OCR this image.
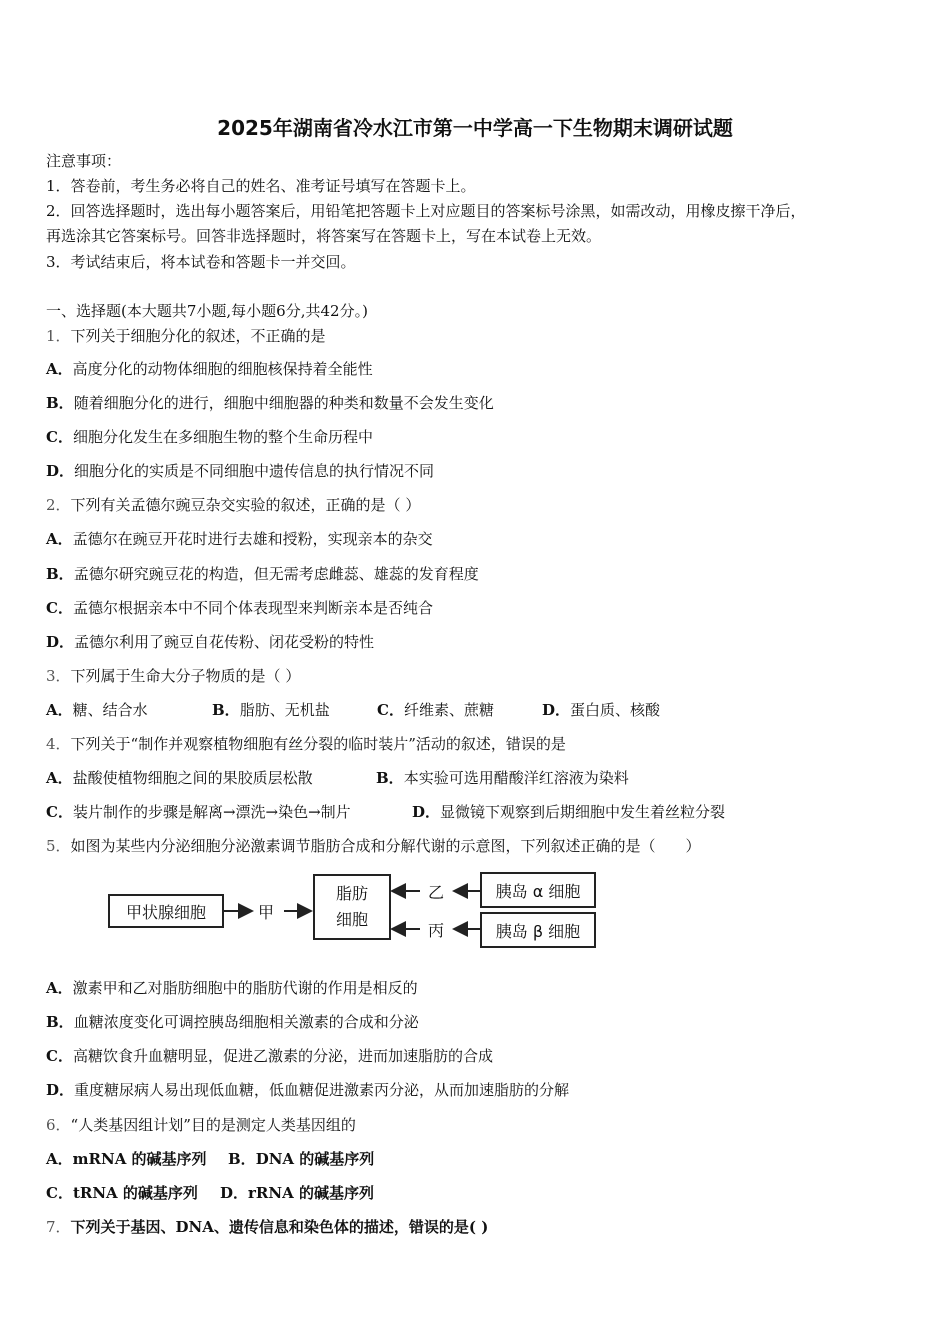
2025年湖南省冷水江市第一中学高一下生物期末调研试题
注意事项：
1．答卷前，考生务必将自己的姓名、准考证号填写在答题卡上。
2．回答选择题时，选出每小题答案后，用铅笔把答题卡上对应题目的答案标号涂黑，如需改动，用橡皮擦干净后，
再选涂其它答案标号。回答非选择题时，将答案写在答题卡上，写在本试卷上无效。
3．考试结束后，将本试卷和答题卡一并交回。
一、选择题(本大题共7小题,每小题6分,共42分。)
1．下列关于细胞分化的叙述，不正确的是
A．高度分化的动物体细胞的细胞核保持着全能性
B．随着细胞分化的进行，细胞中细胞器的种类和数量不会发生变化
C．细胞分化发生在多细胞生物的整个生命历程中
D．细胞分化的实质是不同细胞中遗传信息的执行情况不同
2．下列有关孟德尔豌豆杂交实验的叙述，正确的是（ ）
A．孟德尔在豌豆开花时进行去雄和授粉，实现亲本的杂交
B．孟德尔研究豌豆花的构造，但无需考虑雌蕊、雄蕊的发育程度
C．孟德尔根据亲本中不同个体表现型来判断亲本是否纯合
D．孟德尔利用了豌豆自花传粉、闭花受粉的特性
3．下列属于生命大分子物质的是（ ）
A．糖、结合水	B．脂肪、无机盐	C．纤维素、蔗糖	D．蛋白质、核酸
4．下列关于“制作并观察植物细胞有丝分裂的临时装片”活动的叙述，错误的是
A．盐酸使植物细胞之间的果胶质层松散	B．本实验可选用醋酸洋红溶液为染料
C．装片制作的步骤是解离→漂洗→染色→制片	D．显微镜下观察到后期细胞中发生着丝粒分裂
5．如图为某些内分泌细胞分泌激素调节脂肪合成和分解代谢的示意图，下列叙述正确的是（　　）
甲状腺细胞	甲
脂肪
细胞
乙
丙
胰岛 α 细胞
胰岛 β 细胞
A．激素甲和乙对脂肪细胞中的脂肪代谢的作用是相反的
B．血糖浓度变化可调控胰岛细胞相关激素的合成和分泌
C．高糖饮食升血糖明显，促进乙激素的分泌，进而加速脂肪的合成
D．重度糖尿病人易出现低血糖，低血糖促进激素丙分泌，从而加速脂肪的分解
6．“人类基因组计划”目的是测定人类基因组的
A．mRNA 的碱基序列 B．DNA 的碱基序列
C．tRNA 的碱基序列 D．rRNA 的碱基序列
7．下列关于基因、DNA、遗传信息和染色体的描述，错误的是( )
